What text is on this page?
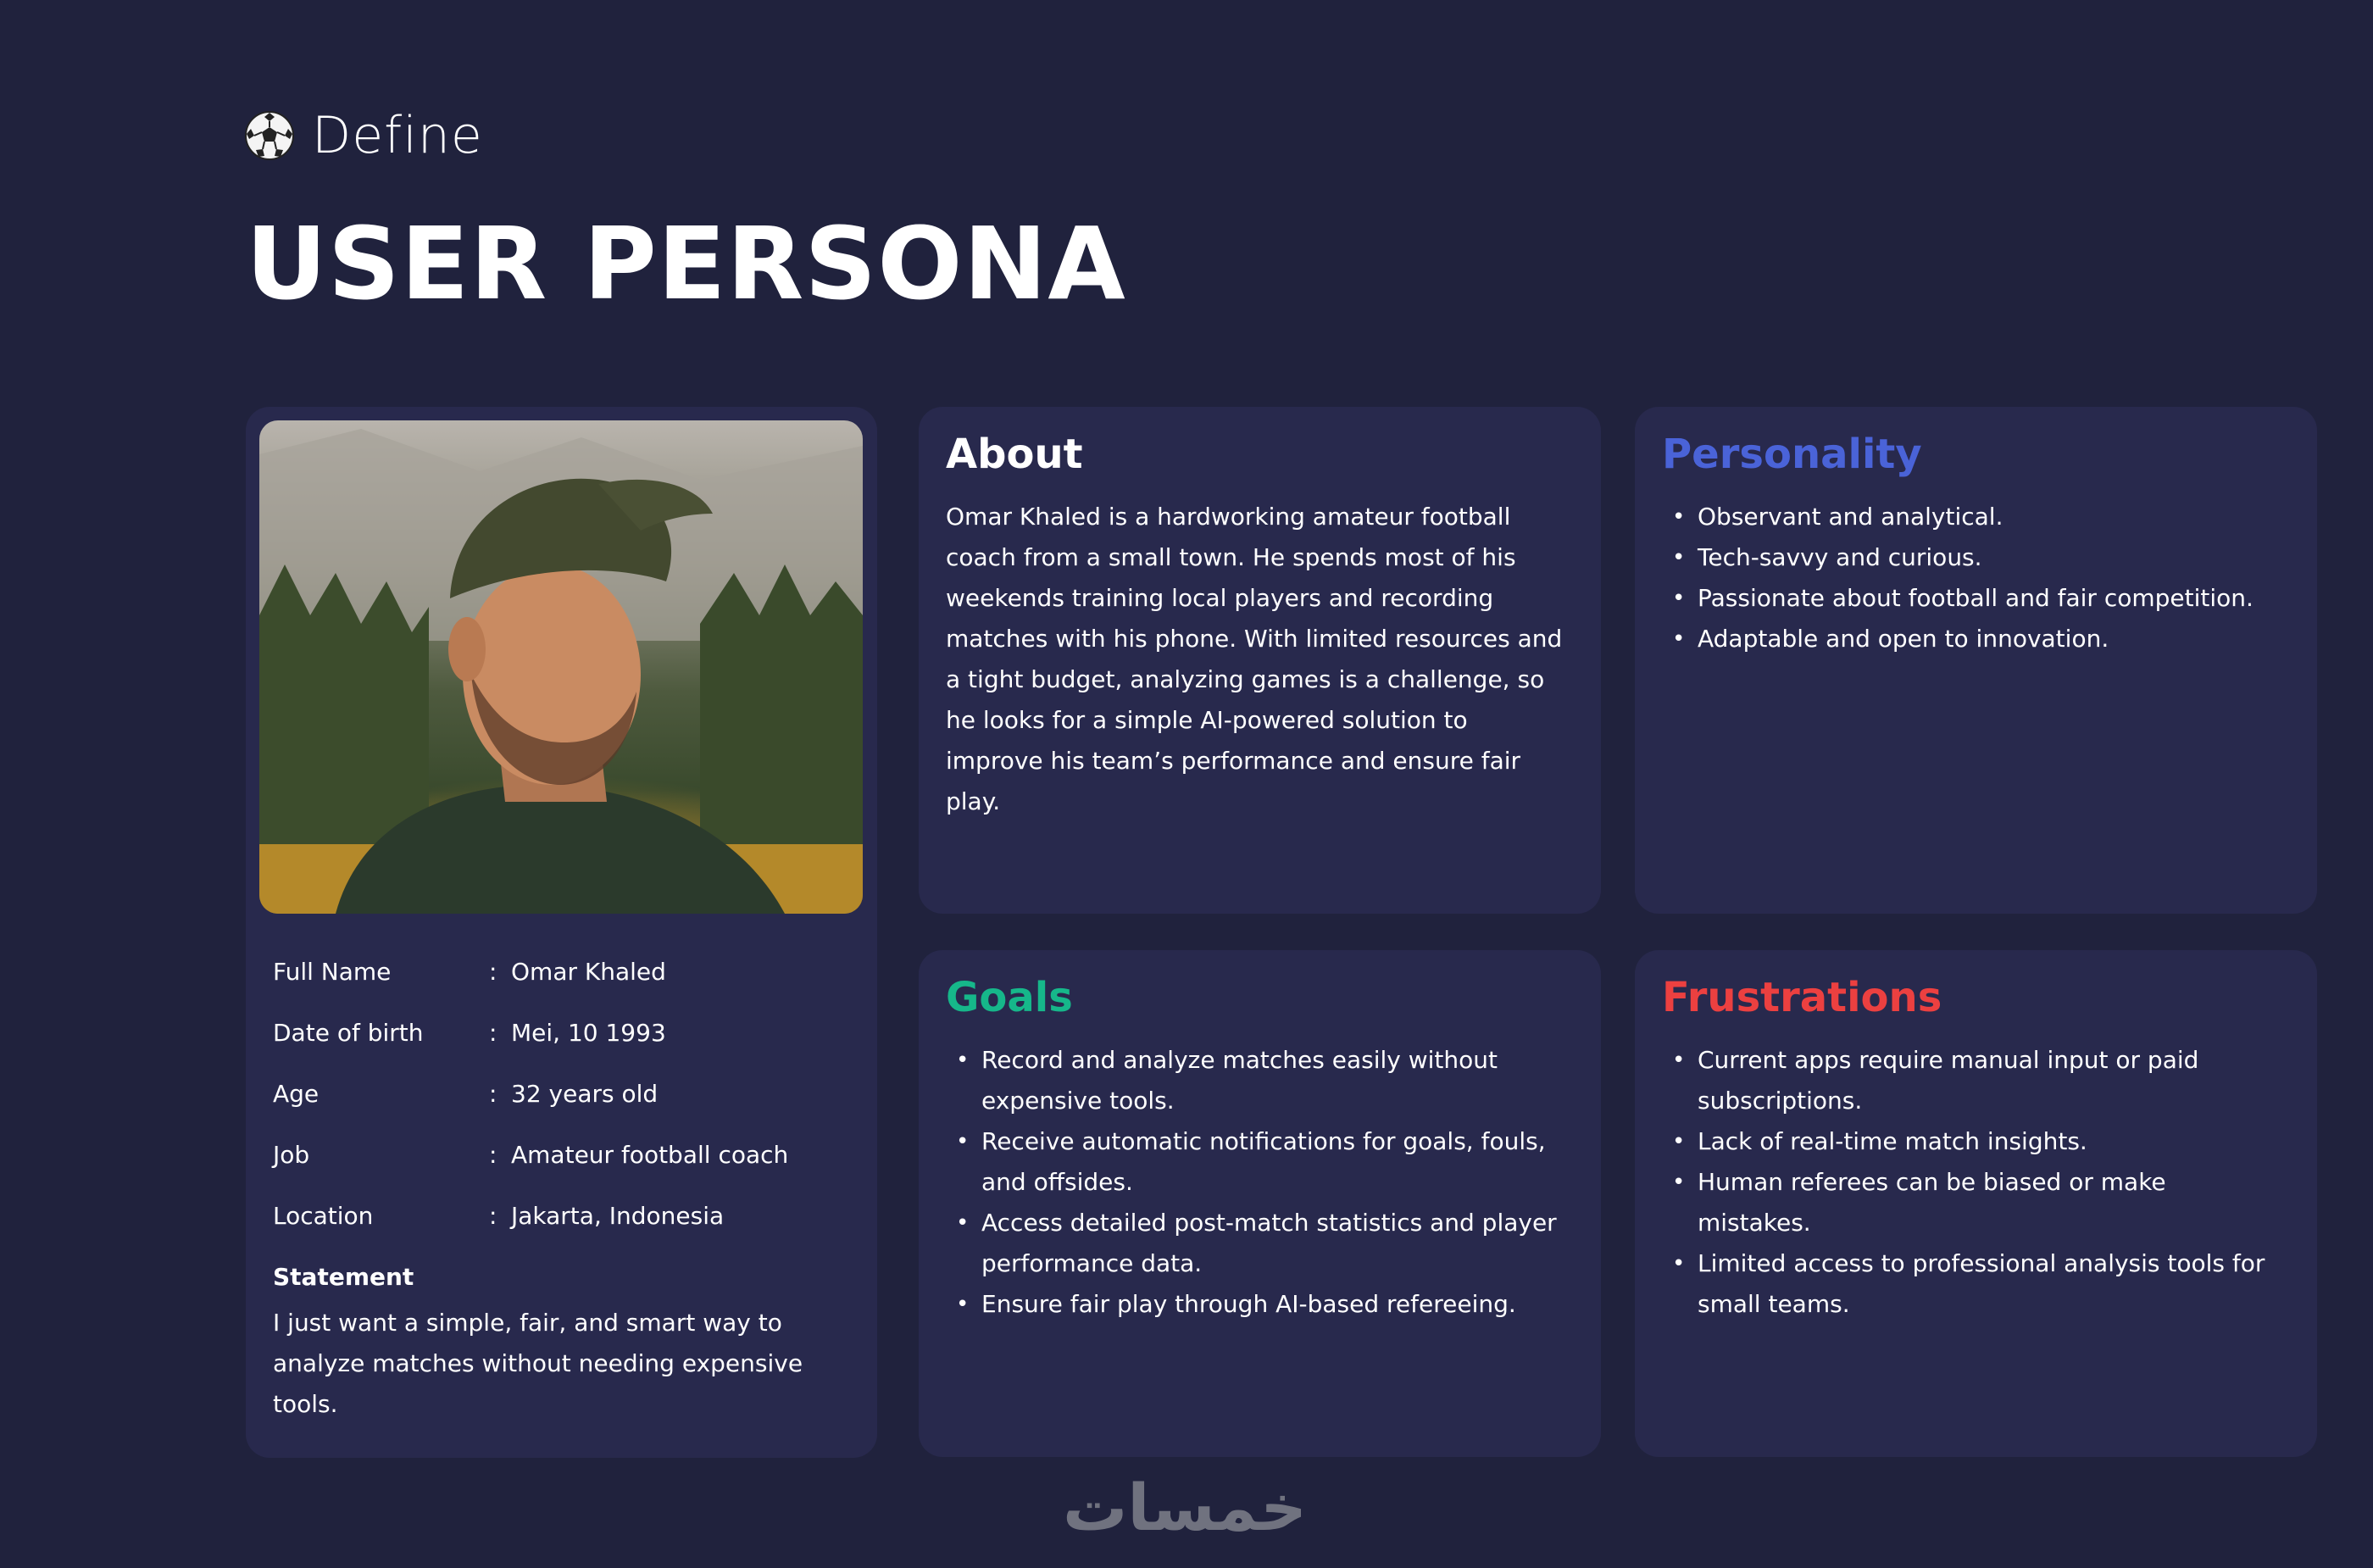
Define
USER PERSONA
Full Name	: Omar Khaled
Date of birth	: Mei, 10 1993
Age	: 32 years old
Job	: Amateur football coach
Location	: Jakarta, Indonesia
Statement
I just want a simple, fair, and smart way to analyze matches without needing expensive tools.
About

Omar Khaled is a hardworking amateur football coach from a small town. He spends most of his weekends training local players and recording matches with his phone. With limited resources and a tight budget, analyzing games is a challenge, so he looks for a simple AI-powered solution to improve his team’s performance and ensure fair play.

Personality
• Observant and analytical.
• Tech-savvy and curious.
• Passionate about football and fair competition.
• Adaptable and open to innovation.
Goals
• Record and analyze matches easily without expensive tools.
• Receive automatic notifications for goals, fouls, and offsides.
• Access detailed post-match statistics and player performance data.
• Ensure fair play through AI-based refereeing.
Frustrations
• Current apps require manual input or paid subscriptions.
• Lack of real-time match insights.
• Human referees can be biased or make mistakes.
• Limited access to professional analysis tools for small teams.
خمسات
